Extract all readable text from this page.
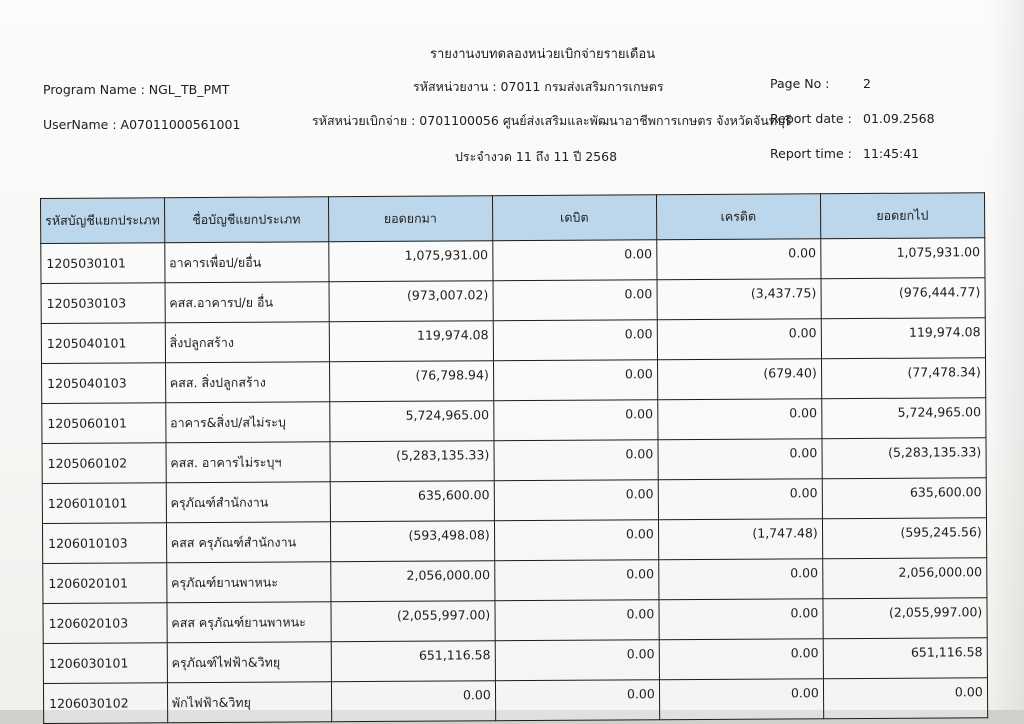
รายงานงบทดลองหน่วยเบิกจ่ายรายเดือน
รหัสหน่วยงาน : 07011 กรมส่งเสริมการเกษตร
รหัสหน่วยเบิกจ่าย : 0701100056 ศูนย์ส่งเสริมและพัฒนาอาชีพการเกษตร จังหวัดจันทบุรี
ประจำงวด 11 ถึง 11 ปี 2568
Program Name : NGL_TB_PMT
UserName : A07011000561001
Page No :	2
Report date : 01.09.2568
Report time : 11:45:41
รหัสบัญชีแยกประเภท	ชื่อบัญชีแยกประเภท	ยอดยกมา	เดบิต	เครดิต	ยอดยกไป
1205030101	อาคารเพื่อป/ยอื่น	1,075,931.00	0.00	0.00	1,075,931.00
1205030103	คสส.อาคารป/ย อื่น	(973,007.02)	0.00	(3,437.75)	(976,444.77)
1205040101	สิ่งปลูกสร้าง	119,974.08	0.00	0.00	119,974.08
1205040103	คสส. สิ่งปลูกสร้าง	(76,798.94)	0.00	(679.40)	(77,478.34)
1205060101	อาคาร&สิ่งป/สไม่ระบุ	5,724,965.00	0.00	0.00	5,724,965.00
1205060102	คสส. อาคารไม่ระบุฯ	(5,283,135.33)	0.00	0.00	(5,283,135.33)
1206010101	ครุภัณฑ์สำนักงาน	635,600.00	0.00	0.00	635,600.00
1206010103	คสส ครุภัณฑ์สำนักงาน	(593,498.08)	0.00	(1,747.48)	(595,245.56)
1206020101	ครุภัณฑ์ยานพาหนะ	2,056,000.00	0.00	0.00	2,056,000.00
1206020103	คสส ครุภัณฑ์ยานพาหนะ	(2,055,997.00)	0.00	0.00	(2,055,997.00)
1206030101	ครุภัณฑ์ไฟฟ้า&วิทยุ	651,116.58	0.00	0.00	651,116.58
1206030102	พักไฟฟ้า&วิทยุ	0.00	0.00	0.00	0.00
